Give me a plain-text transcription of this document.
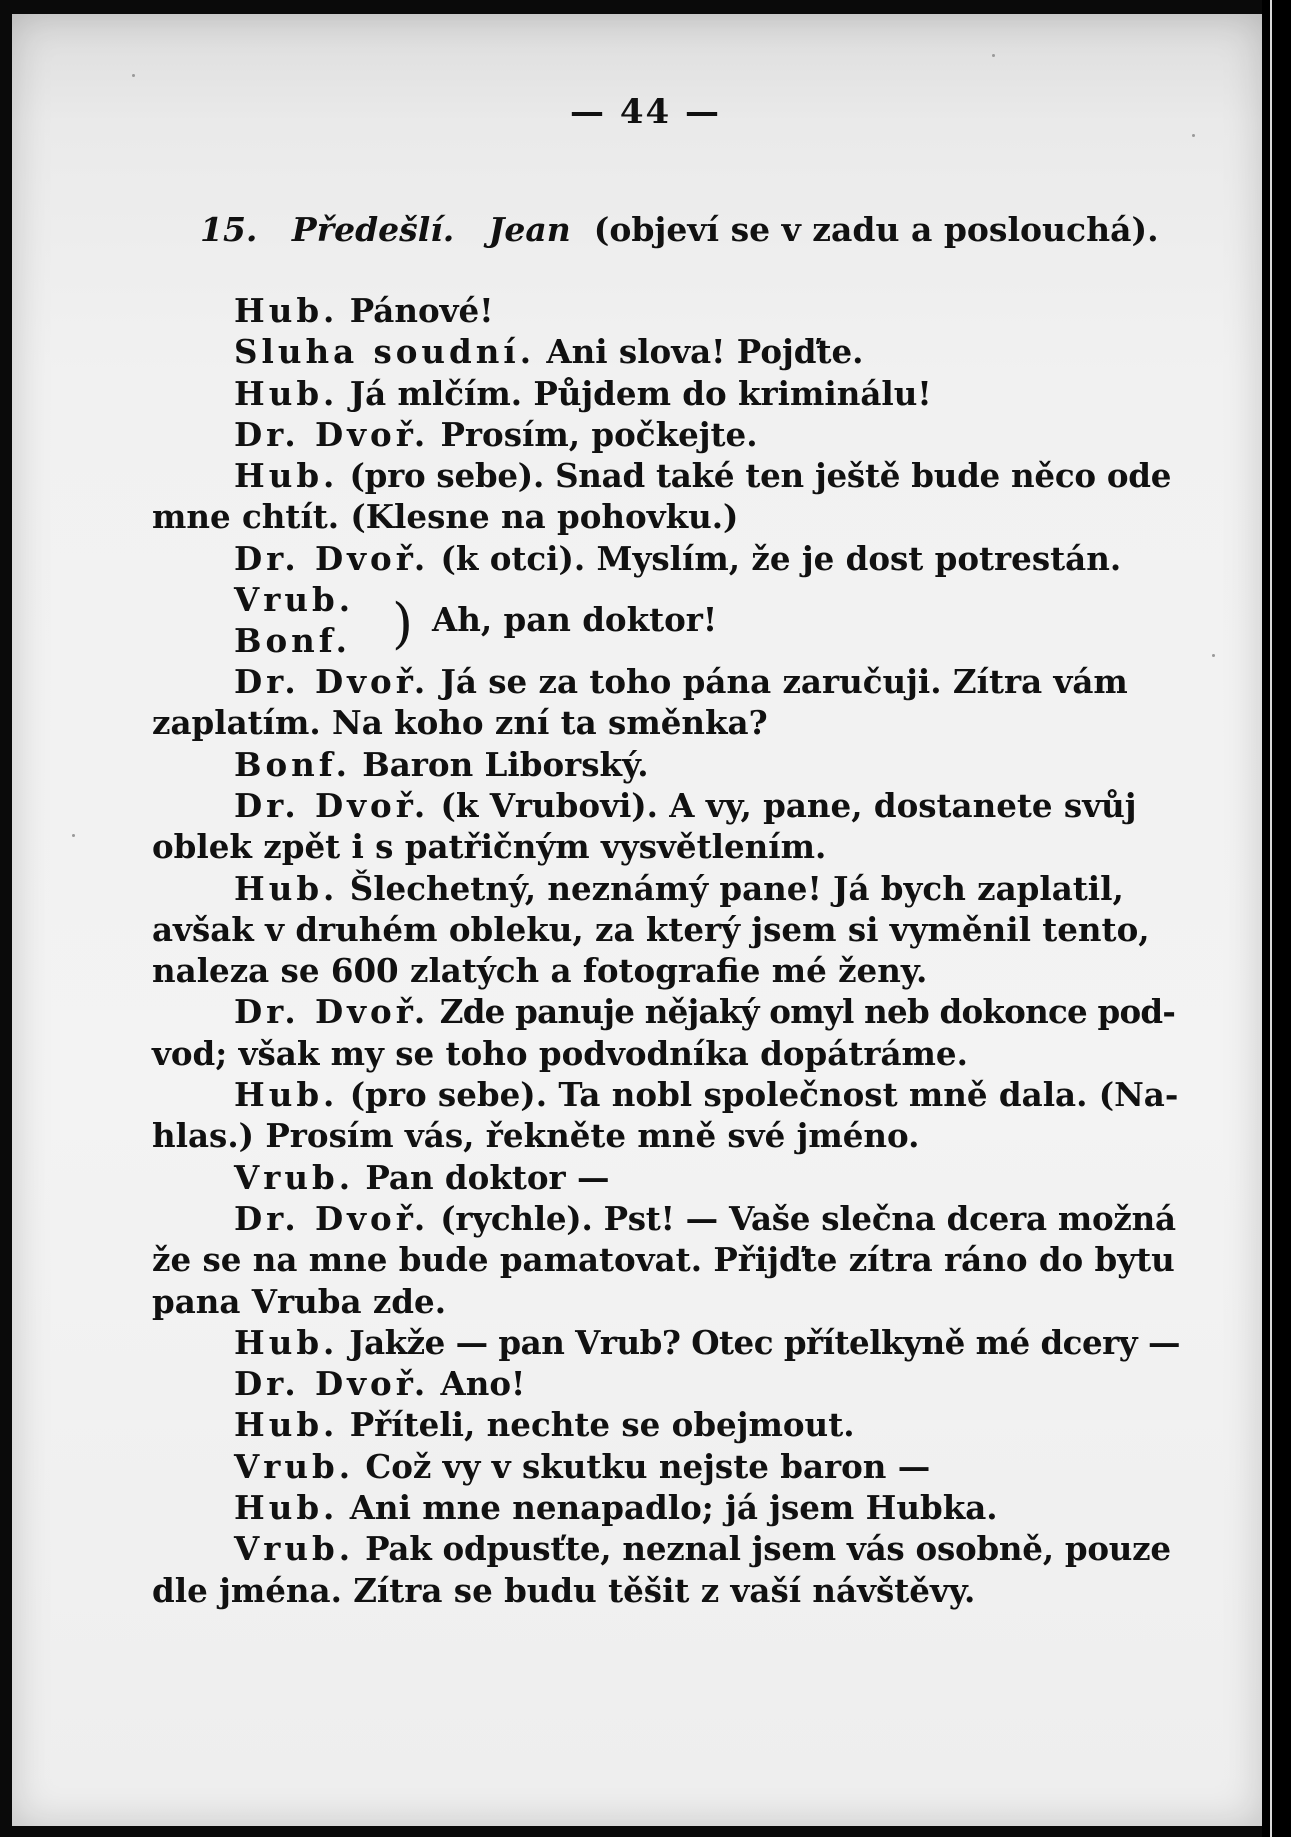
— 44 —
15. Předešlí. Jean (objeví se v zadu a poslouchá).
Hub. Pánové!
Sluha soudní. Ani slova! Pojďte.
Hub. Já mlčím. Půjdem do kriminálu!
Dr. Dvoř. Prosím, počkejte.
Hub. (pro sebe). Snad také ten ještě bude něco ode
mne chtít. (Klesne na pohovku.)
Dr. Dvoř. (k otci). Myslím, že je dost potrestán.
Vrub.
Bonf. ) Ah, pan doktor!
Dr. Dvoř. Já se za toho pána zaručuji. Zítra vám
zaplatím. Na koho zní ta směnka?
Bonf. Baron Liborský.
Dr. Dvoř. (k Vrubovi). A vy, pane, dostanete svůj
oblek zpět i s patřičným vysvětlením.
Hub. Šlechetný, neznámý pane! Já bych zaplatil,
avšak v druhém obleku, za který jsem si vyměnil tento,
naleza se 600 zlatých a fotografie mé ženy.
Dr. Dvoř. Zde panuje nějaký omyl neb dokonce pod-
vod; však my se toho podvodníka dopátráme.
Hub. (pro sebe). Ta nobl společnost mně dala. (Na-
hlas.) Prosím vás, řekněte mně své jméno.
Vrub. Pan doktor —
Dr. Dvoř. (rychle). Pst! — Vaše slečna dcera možná
že se na mne bude pamatovat. Přijďte zítra ráno do bytu
pana Vruba zde.
Hub. Jakže — pan Vrub? Otec přítelkyně mé dcery —
Dr. Dvoř. Ano!
Hub. Příteli, nechte se obejmout.
Vrub. Což vy v skutku nejste baron —
Hub. Ani mne nenapadlo; já jsem Hubka.
Vrub. Pak odpusťte, neznal jsem vás osobně, pouze
dle jména. Zítra se budu těšit z vaší návštěvy.
